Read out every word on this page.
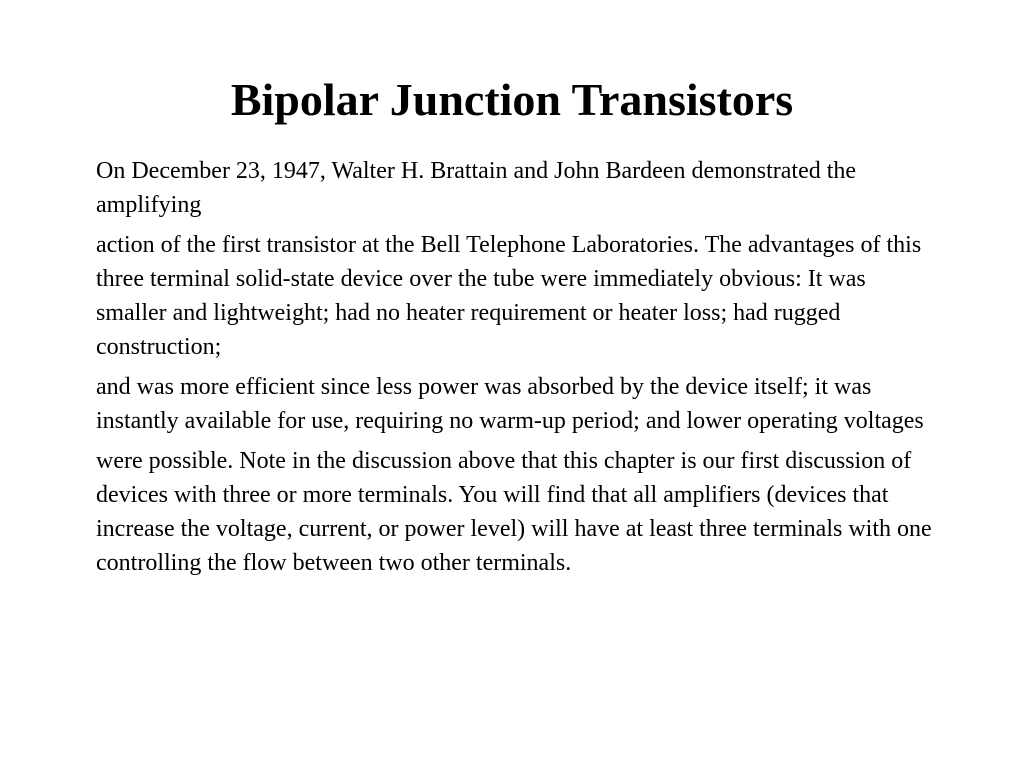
Bipolar Junction Transistors

On December 23, 1947, Walter H. Brattain and John Bardeen demonstrated the amplifying

action of the first transistor at the Bell Telephone Laboratories. The advantages of this three terminal solid-state device over the tube were immediately obvious: It was smaller and lightweight; had no heater requirement or heater loss; had rugged construction;

and was more efficient since less power was absorbed by the device itself; it was instantly available for use, requiring no warm-up period; and lower operating voltages

were possible. Note in the discussion above that this chapter is our first discussion of devices with three or more terminals. You will find that all amplifiers (devices that increase the voltage, current, or power level) will have at least three terminals with one controlling the flow between two other terminals.
